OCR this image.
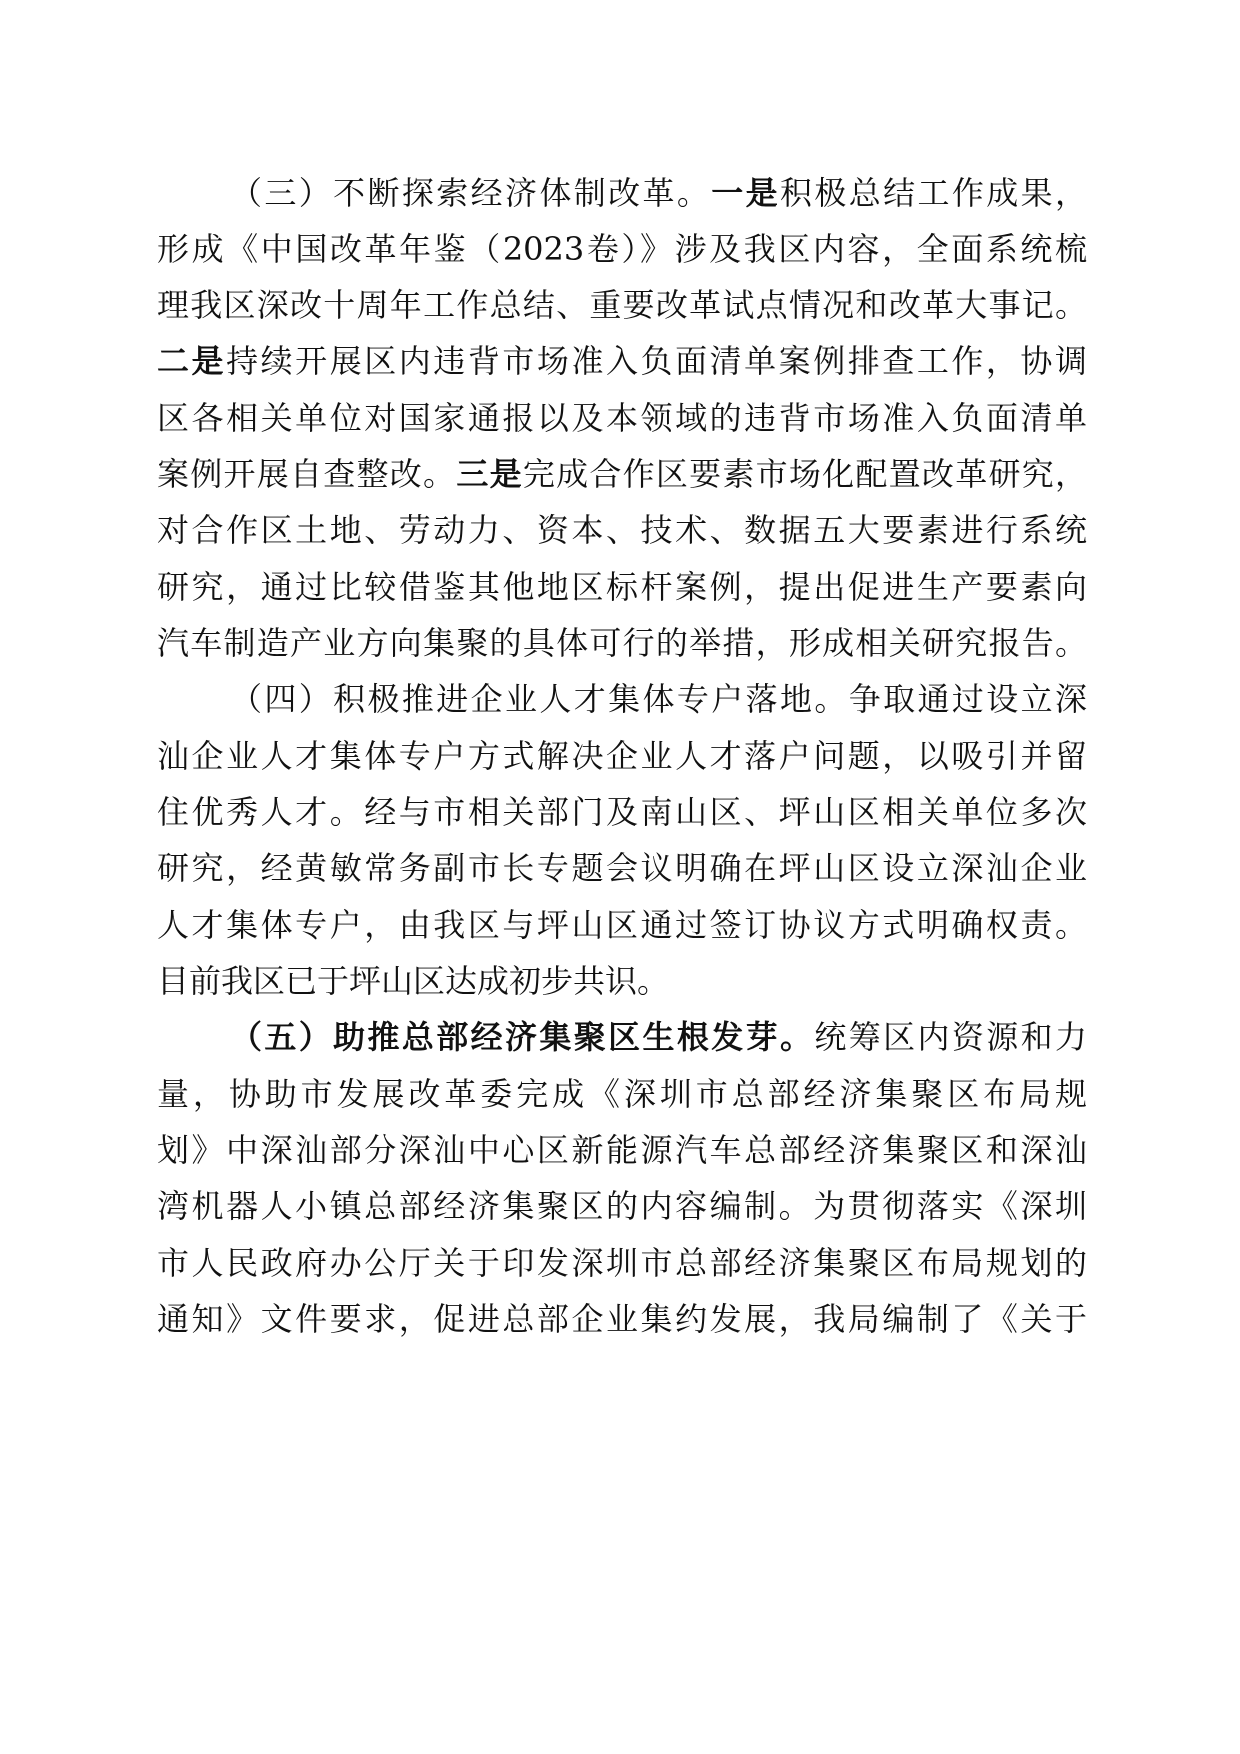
（三）不断探索经济体制改革。一是积极总结工作成果，
形成《中国改革年鉴（2023卷）》涉及我区内容，全面系统梳
理我区深改十周年工作总结、重要改革试点情况和改革大事记。
二是持续开展区内违背市场准入负面清单案例排查工作，协调
区各相关单位对国家通报以及本领域的违背市场准入负面清单
案例开展自查整改。三是完成合作区要素市场化配置改革研究，
对合作区土地、劳动力、资本、技术、数据五大要素进行系统
研究，通过比较借鉴其他地区标杆案例，提出促进生产要素向
汽车制造产业方向集聚的具体可行的举措，形成相关研究报告。
（四）积极推进企业人才集体专户落地。争取通过设立深
汕企业人才集体专户方式解决企业人才落户问题，以吸引并留
住优秀人才。经与市相关部门及南山区、坪山区相关单位多次
研究，经黄敏常务副市长专题会议明确在坪山区设立深汕企业
人才集体专户，由我区与坪山区通过签订协议方式明确权责。
目前我区已于坪山区达成初步共识。
（五）助推总部经济集聚区生根发芽。统筹区内资源和力
量，协助市发展改革委完成《深圳市总部经济集聚区布局规
划》中深汕部分深汕中心区新能源汽车总部经济集聚区和深汕
湾机器人小镇总部经济集聚区的内容编制。为贯彻落实《深圳
市人民政府办公厅关于印发深圳市总部经济集聚区布局规划的
通知》文件要求，促进总部企业集约发展，我局编制了《关于
